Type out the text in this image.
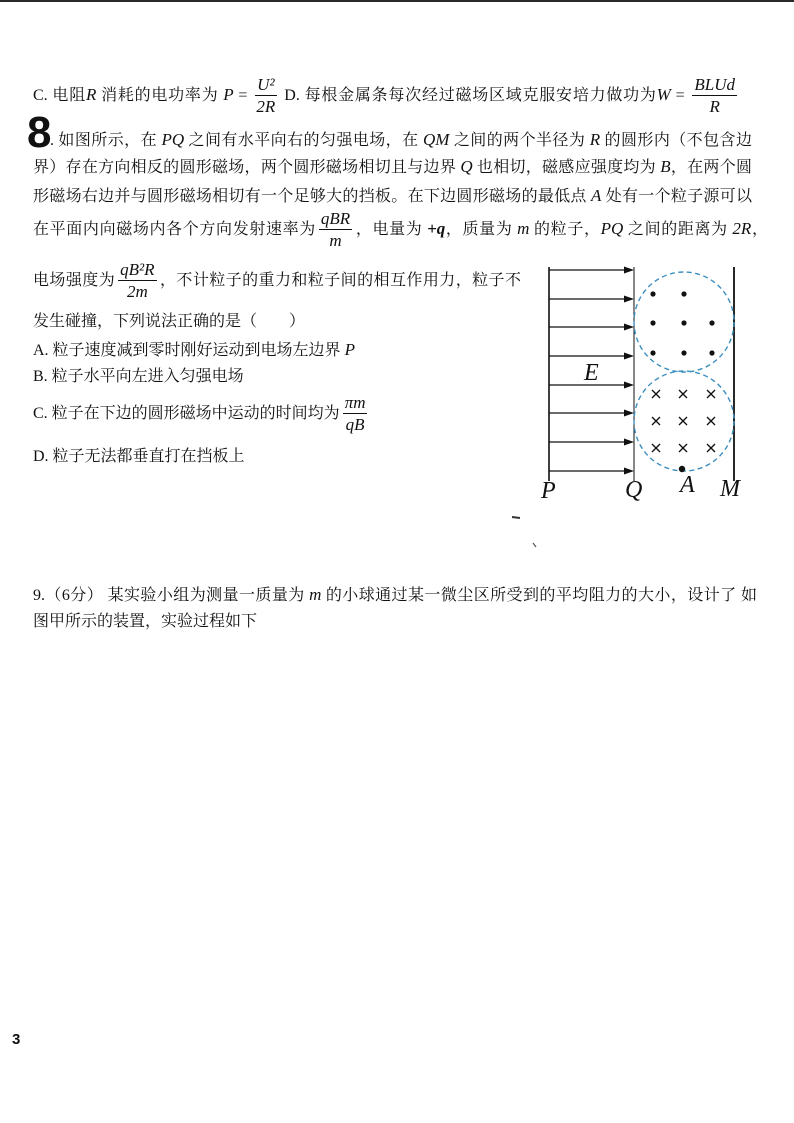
C. 电阻R 消耗的电功率为 $P = \frac{\text{U²}}{2R} D$. 每根金属条每次经过磁场区域克服安培力做功为$W = \frac{\text{BLUd}}{R}$
8
. 如图所示，在 PQ 之间有水平向右的匀强电场，在 QM 之间的两个半径为 R 的圆形内（不包含边
界）存在方向相反的圆形磁场，两个圆形磁场相切且与边界 Q 也相切，磁感应强度均为 B，在两个圆
形磁场右边并与圆形磁场相切有一个足够大的挡板。在下边圆形磁场的最低点 A 处有一个粒子源可以
在平面内向磁场内各个方向发射速率为 $\frac{\text{qBR}}{m}$ ，电量为 +q，质量为 m 的粒子，PQ 之间的距离为 2R，
电场强度为 $\frac{\text{qB²R}}{2m}$ ，不计粒子的重力和粒子间的相互作用力，粒子不
发生碰撞，下列说法正确的是（　　）
A. 粒子速度减到零时刚好运动到电场左边界 P
B. 粒子水平向左进入匀强电场
C. 粒子在下边的圆形磁场中运动的时间均为 $\frac{\pi m}{qB}$
D. 粒子无法都垂直打在挡板上
E
P	Q A M
9.（6分） 某实验小组为测量一质量为 m 的小球通过某一微尘区所受到的平均阻力的大小，设计了 如
图甲所示的装置，实验过程如下
3
